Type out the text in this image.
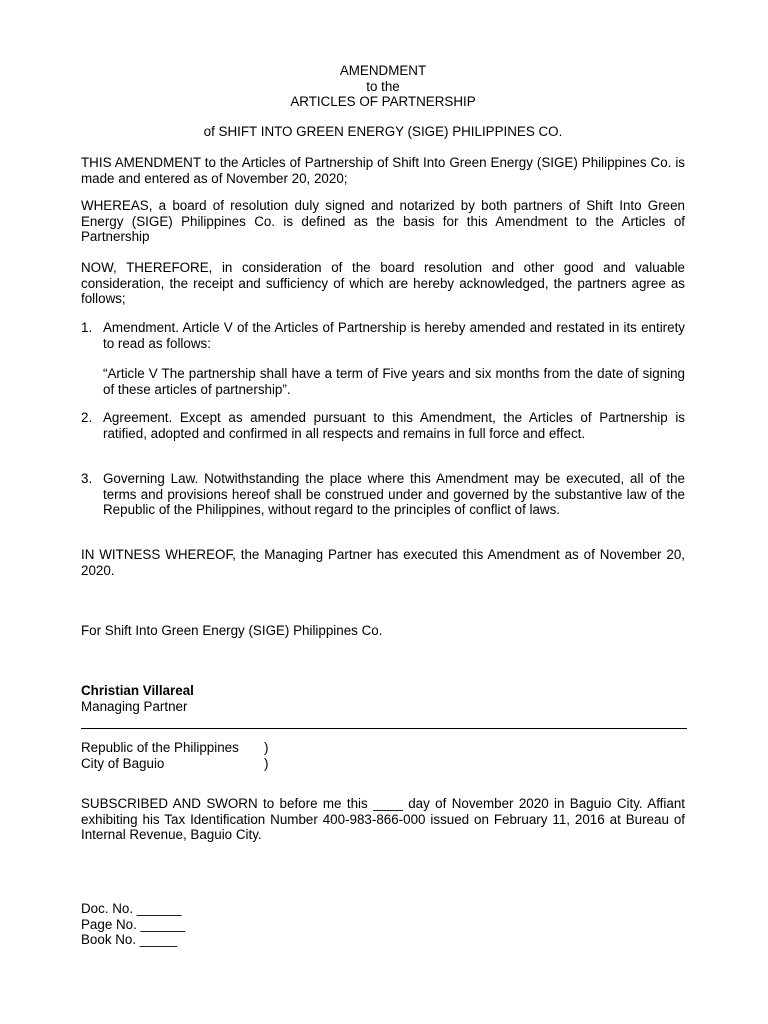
AMENDMENT
to the
ARTICLES OF PARTNERSHIP
of SHIFT INTO GREEN ENERGY (SIGE) PHILIPPINES CO.
THIS AMENDMENT to the Articles of Partnership of Shift Into Green Energy (SIGE) Philippines Co. is made and entered as of November 20, 2020;
WHEREAS, a board of resolution duly signed and notarized by both partners of Shift Into Green Energy (SIGE) Philippines Co. is defined as the basis for this Amendment to the Articles of Partnership
NOW, THEREFORE, in consideration of the board resolution and other good and valuable consideration, the receipt and sufficiency of which are hereby acknowledged, the partners agree as follows;
1. Amendment. Article V of the Articles of Partnership is hereby amended and restated in its entirety to read as follows:
“Article V The partnership shall have a term of Five years and six months from the date of signing of these articles of partnership”.
2. Agreement. Except as amended pursuant to this Amendment, the Articles of Partnership is ratified, adopted and confirmed in all respects and remains in full force and effect.
3. Governing Law. Notwithstanding the place where this Amendment may be executed, all of the terms and provisions hereof shall be construed under and governed by the substantive law of the Republic of the Philippines, without regard to the principles of conflict of laws.
IN WITNESS WHEREOF, the Managing Partner has executed this Amendment as of November 20, 2020.
For Shift Into Green Energy (SIGE) Philippines Co.
Christian Villareal
Managing Partner
Republic of the Philippines )
City of Baguio	)
SUBSCRIBED AND SWORN to before me this ____ day of November 2020 in Baguio City. Affiant exhibiting his Tax Identification Number 400-983-866-000 issued on February 11, 2016 at Bureau of Internal Revenue, Baguio City.
Doc. No. ______
Page No. ______
Book No. _____
